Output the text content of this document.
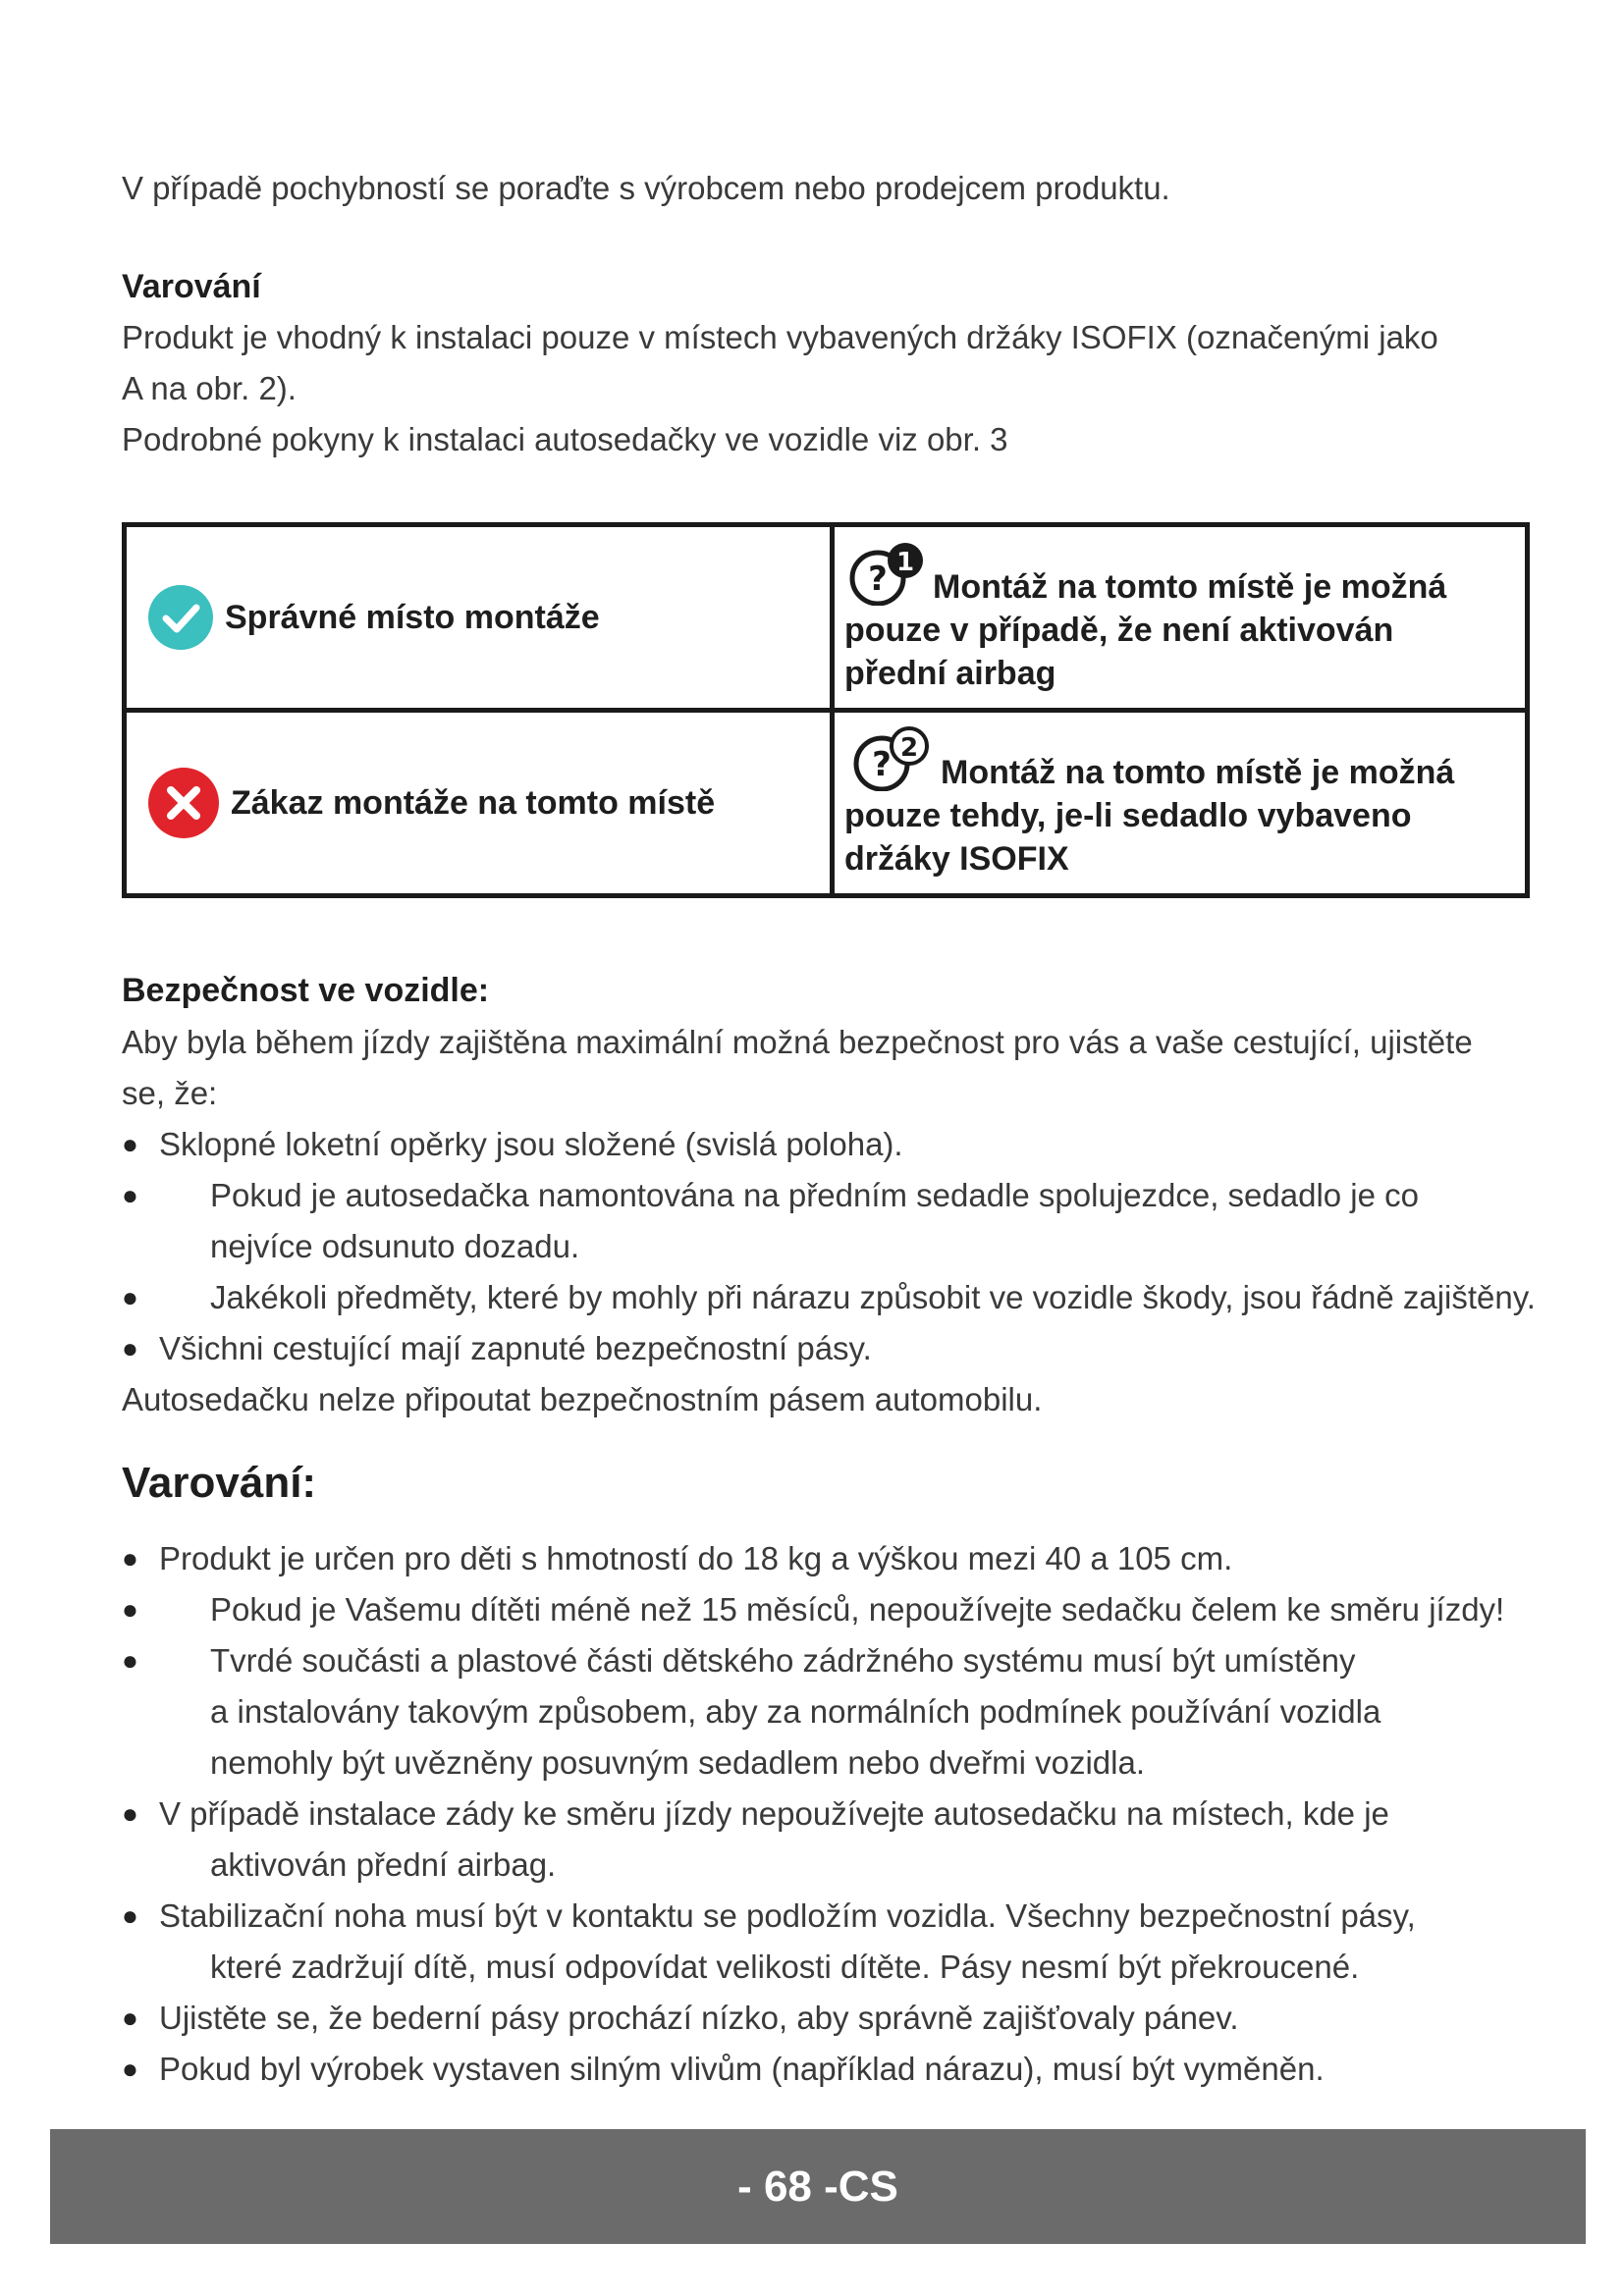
V případě pochybností se poraďte s výrobcem nebo prodejcem produktu.

Varování

Produkt je vhodný k instalaci pouze v místech vybavených držáky ISOFIX (označenými jako

A na obr. 2).

Podrobné pokyny k instalaci autosedačky ve vozidle viz obr. 3

Správné místo montáže	? 1
Montáž na tomto místě je možná
pouze v případě, že není aktivován
přední airbag

Zákaz montáže na tomto místě	? 2
Montáž na tomto místě je možná
pouze tehdy, je-li sedadlo vybaveno
držáky ISOFIX

Bezpečnost ve vozidle:

Aby byla během jízdy zajištěna maximální možná bezpečnost pro vás a vaše cestující, ujistěte

se, že:

● Sklopné loketní opěrky jsou složené (svislá poloha).
●	Pokud je autosedačka namontována na předním sedadle spolujezdce, sedadlo je co
nejvíce odsunuto dozadu.
●	Jakékoli předměty, které by mohly při nárazu způsobit ve vozidle škody, jsou řádně zajištěny.
● Všichni cestující mají zapnuté bezpečnostní pásy.

Autosedačku nelze připoutat bezpečnostním pásem automobilu.

Varování:

● Produkt je určen pro děti s hmotností do 18 kg a výškou mezi 40 a 105 cm.
●	Pokud je Vašemu dítěti méně než 15 měsíců, nepoužívejte sedačku čelem ke směru jízdy!
●	Tvrdé součásti a plastové části dětského zádržného systému musí být umístěny
a instalovány takovým způsobem, aby za normálních podmínek používání vozidla
nemohly být uvězněny posuvným sedadlem nebo dveřmi vozidla.
● V případě instalace zády ke směru jízdy nepoužívejte autosedačku na místech, kde je
aktivován přední airbag.
● Stabilizační noha musí být v kontaktu se podložím vozidla. Všechny bezpečnostní pásy,
které zadržují dítě, musí odpovídat velikosti dítěte. Pásy nesmí být překroucené.
● Ujistěte se, že bederní pásy prochází nízko, aby správně zajišťovaly pánev.
● Pokud byl výrobek vystaven silným vlivům (například nárazu), musí být vyměněn.
- 68 -CS
